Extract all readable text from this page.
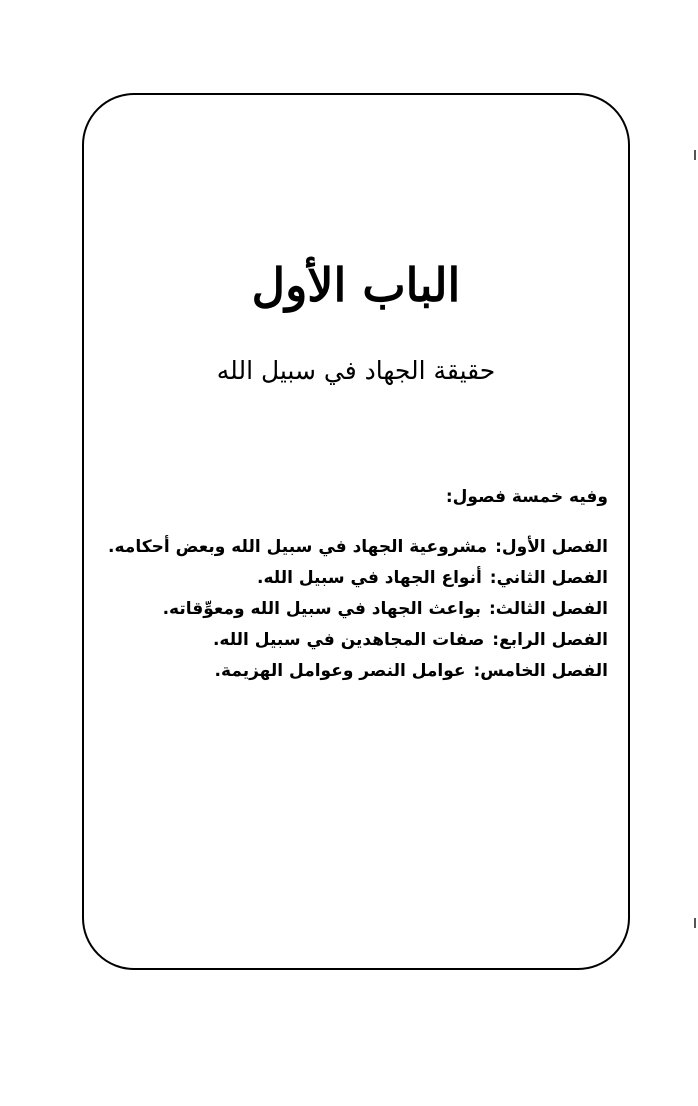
الباب الأول
حقيقة الجهاد في سبيل الله
وفيه خمسة فصول:
الفصل الأول:مشروعية الجهاد في سبيل الله وبعض أحكامه.
الفصل الثاني:أنواع الجهاد في سبيل الله.
الفصل الثالث:بواعث الجهاد في سبيل الله ومعوِّقاته.
الفصل الرابع:صفات المجاهدين في سبيل الله.
الفصل الخامس:عوامل النصر وعوامل الهزيمة.
